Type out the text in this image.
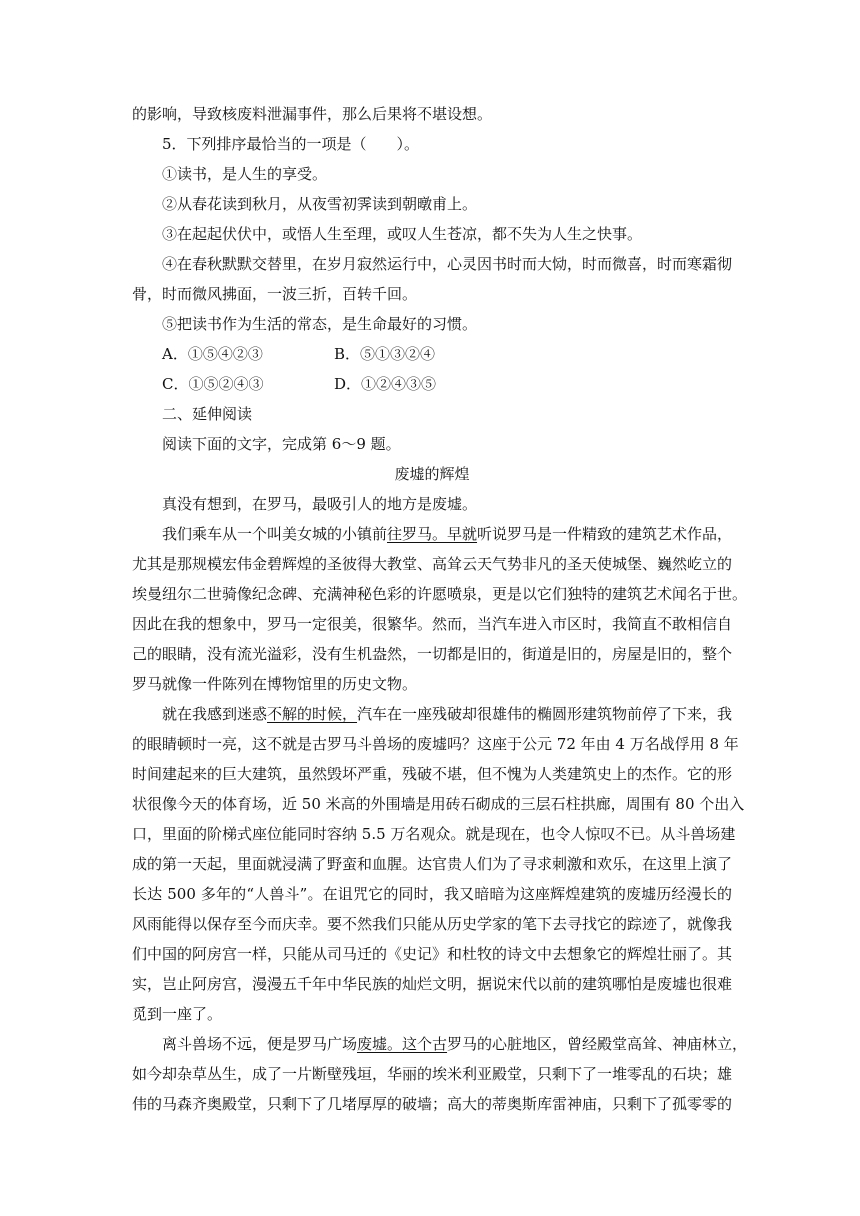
的影响，导致核废料泄漏事件，那么后果将不堪设想。
5．下列排序最恰当的一项是（　　）。
①读书，是人生的享受。
②从春花读到秋月，从夜雪初霁读到朝暾甫上。
③在起起伏伏中，或悟人生至理，或叹人生苍凉，都不失为人生之快事。
④在春秋默默交替里，在岁月寂然运行中，心灵因书时而大恸，时而微喜，时而寒霜彻
骨，时而微风拂面，一波三折，百转千回。
⑤把读书作为生活的常态，是生命最好的习惯。
A．①⑤④②③	B．⑤①③②④
C．①⑤②④③	D．①②④③⑤
二、延伸阅读
阅读下面的文字，完成第 6～9 题。
废墟的辉煌
真没有想到，在罗马，最吸引人的地方是废墟。
我们乘车从一个叫美女城的小镇前往罗马。早就听说罗马是一件精致的建筑艺术作品，
尤其是那规模宏伟金碧辉煌的圣彼得大教堂、高耸云天气势非凡的圣天使城堡、巍然屹立的
埃曼纽尔二世骑像纪念碑、充满神秘色彩的许愿喷泉，更是以它们独特的建筑艺术闻名于世。
因此在我的想象中，罗马一定很美，很繁华。然而，当汽车进入市区时，我简直不敢相信自
己的眼睛，没有流光溢彩，没有生机盎然，一切都是旧的，街道是旧的，房屋是旧的，整个
罗马就像一件陈列在博物馆里的历史文物。
就在我感到迷惑不解的时候，汽车在一座残破却很雄伟的椭圆形建筑物前停了下来，我
的眼睛顿时一亮，这不就是古罗马斗兽场的废墟吗？这座于公元 72 年由 4 万名战俘用 8 年
时间建起来的巨大建筑，虽然毁坏严重，残破不堪，但不愧为人类建筑史上的杰作。它的形
状很像今天的体育场，近 50 米高的外围墙是用砖石砌成的三层石柱拱廊，周围有 80 个出入
口，里面的阶梯式座位能同时容纳 5.5 万名观众。就是现在，也令人惊叹不已。从斗兽场建
成的第一天起，里面就浸满了野蛮和血腥。达官贵人们为了寻求刺激和欢乐，在这里上演了
长达 500 多年的“人兽斗”。在诅咒它的同时，我又暗暗为这座辉煌建筑的废墟历经漫长的
风雨能得以保存至今而庆幸。要不然我们只能从历史学家的笔下去寻找它的踪迹了，就像我
们中国的阿房宫一样，只能从司马迁的《史记》和杜牧的诗文中去想象它的辉煌壮丽了。其
实，岂止阿房宫，漫漫五千年中华民族的灿烂文明，据说宋代以前的建筑哪怕是废墟也很难
觅到一座了。
离斗兽场不远，便是罗马广场废墟。这个古罗马的心脏地区，曾经殿堂高耸、神庙林立，
如今却杂草丛生，成了一片断壁残垣，华丽的埃米利亚殿堂，只剩下了一堆零乱的石块；雄
伟的马森齐奥殿堂，只剩下了几堵厚厚的破墙；高大的蒂奥斯库雷神庙，只剩下了孤零零的
